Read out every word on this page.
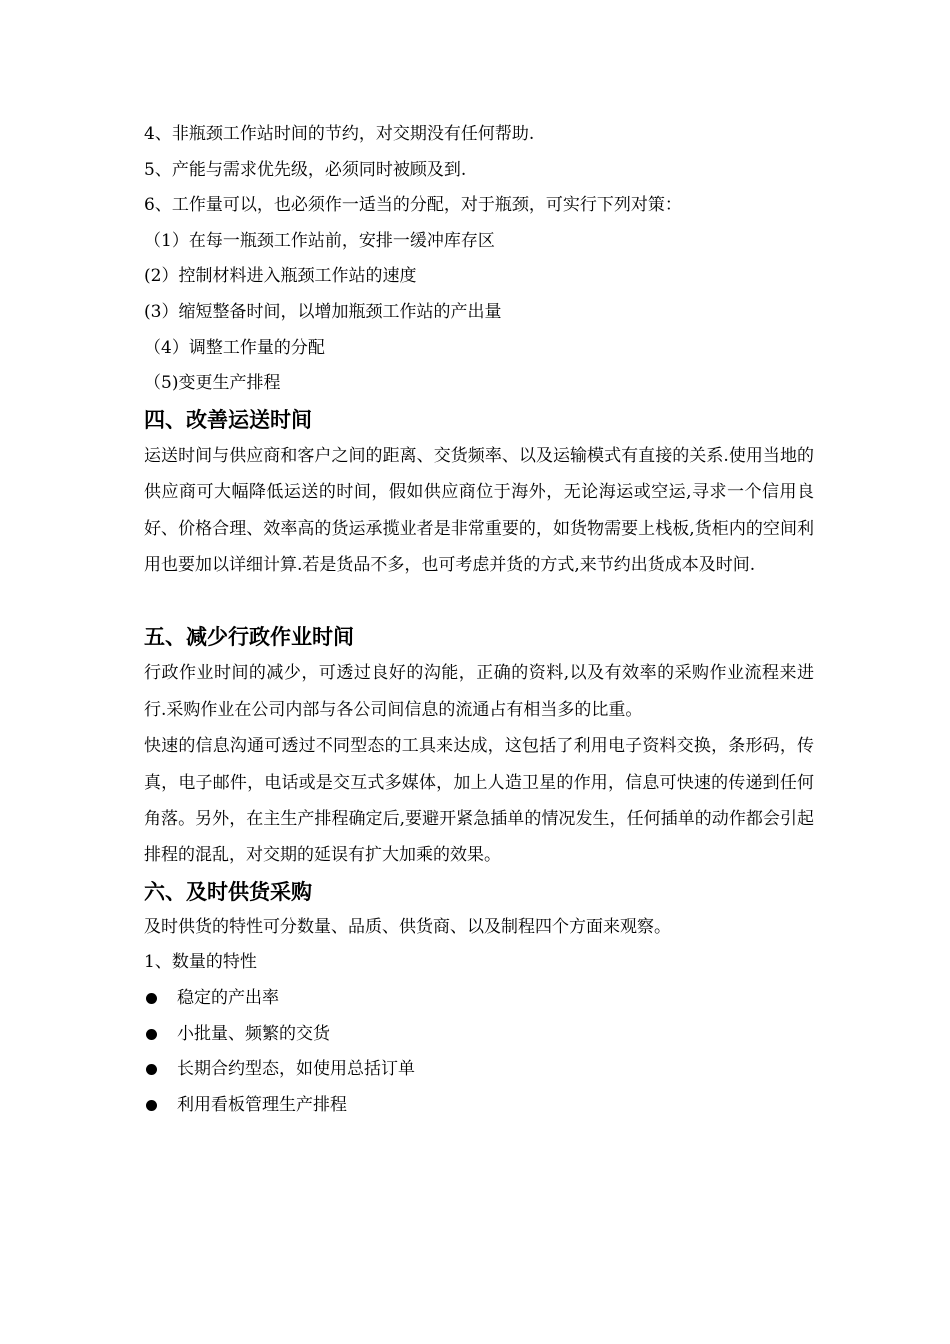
4、非瓶颈工作站时间的节约，对交期没有任何帮助.

5、产能与需求优先级，必须同时被顾及到.

6、工作量可以，也必须作一适当的分配，对于瓶颈，可实行下列对策：

（1）在每一瓶颈工作站前，安排一缓冲库存区

(2）控制材料进入瓶颈工作站的速度

(3）缩短整备时间，以增加瓶颈工作站的产出量

（4）调整工作量的分配

（5)变更生产排程

四、改善运送时间

运送时间与供应商和客户之间的距离、交货频率、以及运输模式有直接的关系.使用当地的供应商可大幅降低运送的时间，假如供应商位于海外，无论海运或空运,寻求一个信用良好、价格合理、效率高的货运承揽业者是非常重要的，如货物需要上栈板,货柜内的空间利用也要加以详细计算.若是货品不多，也可考虑并货的方式,来节约出货成本及时间.

五、减少行政作业时间

行政作业时间的减少，可透过良好的沟能，正确的资料,以及有效率的采购作业流程来进行.采购作业在公司内部与各公司间信息的流通占有相当多的比重。

快速的信息沟通可透过不同型态的工具来达成，这包括了利用电子资料交换，条形码，传真，电子邮件，电话或是交互式多媒体，加上人造卫星的作用，信息可快速的传递到任何角落。另外，在主生产排程确定后,要避开紧急插单的情况发生，任何插单的动作都会引起排程的混乱，对交期的延误有扩大加乘的效果。

六、及时供货采购

及时供货的特性可分数量、品质、供货商、以及制程四个方面来观察。

1、数量的特性

稳定的产出率
小批量、频繁的交货
长期合约型态，如使用总括订单
利用看板管理生产排程
